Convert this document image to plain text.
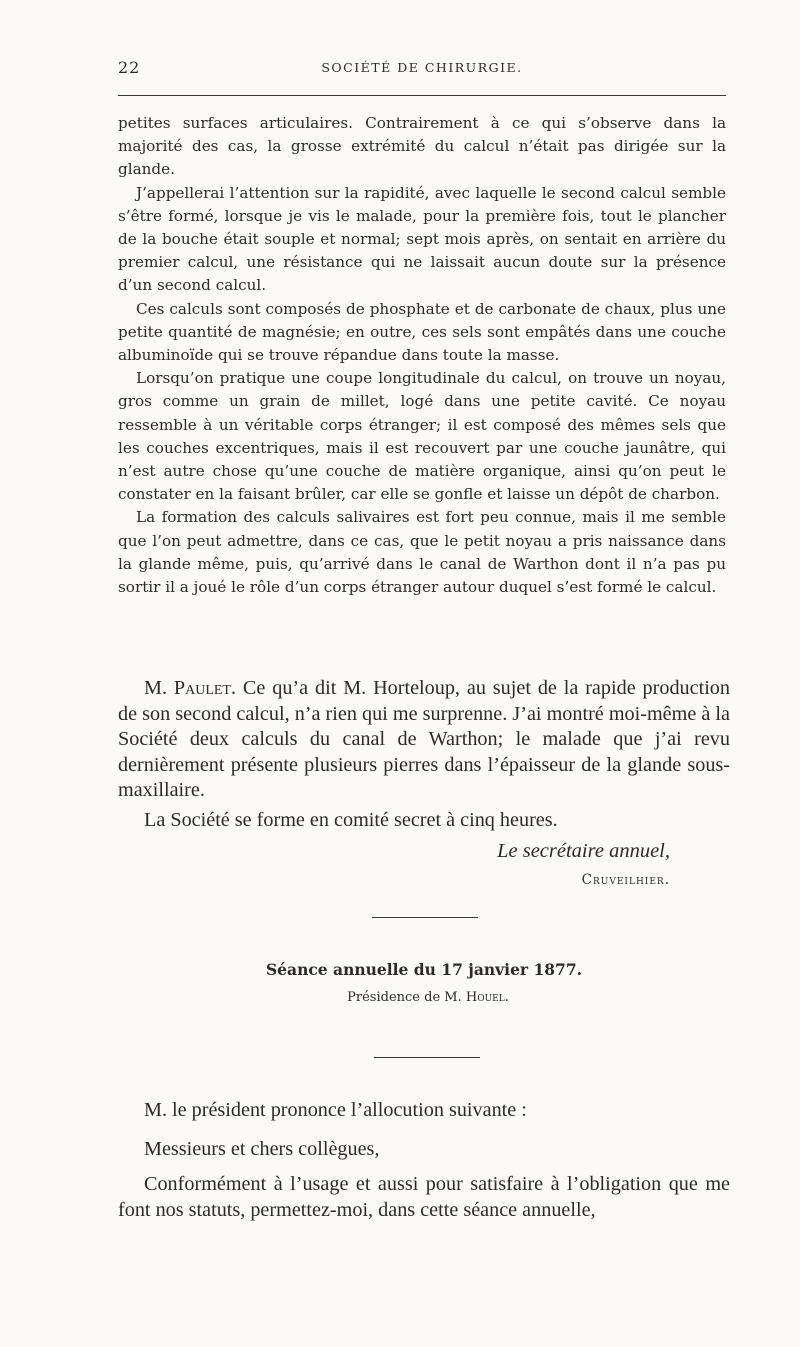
22	SOCIÉTÉ DE CHIRURGIE.

petites surfaces articulaires. Contrairement à ce qui s’observe dans la majorité des cas, la grosse extrémité du calcul n’était pas dirigée sur la glande.

J’appellerai l’attention sur la rapidité, avec laquelle le second calcul semble s’être formé, lorsque je vis le malade, pour la première fois, tout le plancher de la bouche était souple et normal; sept mois après, on sentait en arrière du premier calcul, une résistance qui ne laissait aucun doute sur la présence d’un second calcul.

Ces calculs sont composés de phosphate et de carbonate de chaux, plus une petite quantité de magnésie; en outre, ces sels sont empâtés dans une couche albuminoïde qui se trouve répandue dans toute la masse.

Lorsqu’on pratique une coupe longitudinale du calcul, on trouve un noyau, gros comme un grain de millet, logé dans une petite cavité. Ce noyau ressemble à un véritable corps étranger; il est composé des mêmes sels que les couches excentriques, mais il est recouvert par une couche jaunâtre, qui n’est autre chose qu’une couche de matière organique, ainsi qu’on peut le constater en la faisant brûler, car elle se gonfle et laisse un dépôt de charbon.

La formation des calculs salivaires est fort peu connue, mais il me semble que l’on peut admettre, dans ce cas, que le petit noyau a pris naissance dans la glande même, puis, qu’arrivé dans le canal de Warthon dont il n’a pas pu sortir il a joué le rôle d’un corps étranger autour duquel s’est formé le calcul.

M. Paulet. Ce qu’a dit M. Horteloup, au sujet de la rapide production de son second calcul, n’a rien qui me surprenne. J’ai montré moi-même à la Société deux calculs du canal de Warthon; le malade que j’ai revu dernièrement présente plusieurs pierres dans l’épaisseur de la glande sous-maxillaire.

La Société se forme en comité secret à cinq heures.

Le secrétaire annuel,
Cruveilhier.
Séance annuelle du 17 janvier 1877.
Présidence de M. Houel.

M. le président prononce l’allocution suivante :

Messieurs et chers collègues,

Conformément à l’usage et aussi pour satisfaire à l’obligation que me font nos statuts, permettez-moi, dans cette séance annuelle,
